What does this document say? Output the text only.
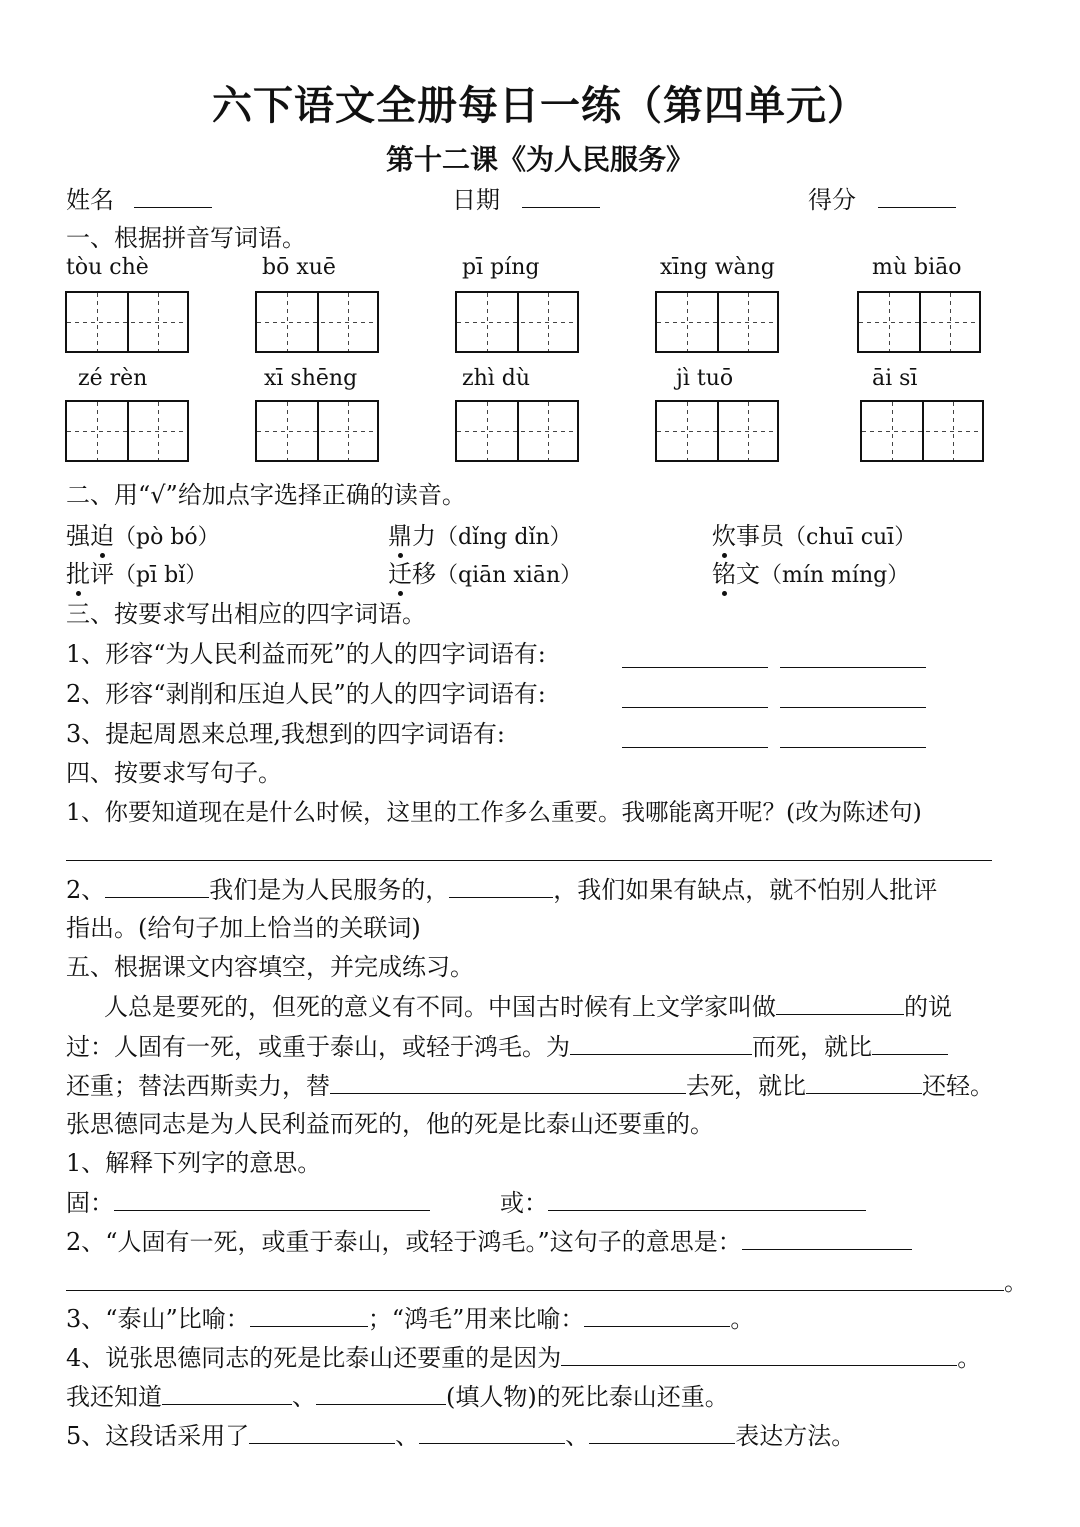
六下语文全册每日一练（第四单元）
第十二课《为人民服务》
姓名	日期	得分
一、根据拼音写词语。
tòu chè	bō xuē	pī píng	xīng wàng	mù biāo
zé rèn	xī shēng	zhì dù	jì tuō	āi sī
二、用“√”给加点字选择正确的读音。
强迫（pò bó）	鼎力（dǐng dǐn）	炊事员（chuī cuī）
批评（pī bǐ）	迁移（qiān xiān）	铭文（mín míng）
三、按要求写出相应的四字词语。
1、形容“为人民利益而死”的人的四字词语有:
2、形容“剥削和压迫人民”的人的四字词语有:
3、提起周恩来总理,我想到的四字词语有:
四、按要求写句子。
1、你要知道现在是什么时候，这里的工作多么重要。我哪能离开呢？(改为陈述句)
2、	我们是为人民服务的，	，我们如果有缺点，就不怕别人批评
指出。(给句子加上恰当的关联词)
五、根据课文内容填空，并完成练习。
人总是要死的，但死的意义有不同。中国古时候有上文学家叫做	的说
过：人固有一死，或重于泰山，或轻于鸿毛。为	而死，就比
还重；替法西斯卖力，替	去死，就比	还轻。
张思德同志是为人民利益而死的，他的死是比泰山还要重的。
1、解释下列字的意思。
固：	或：
2、“人固有一死，或重于泰山，或轻于鸿毛。”这句子的意思是：
。
3、“泰山”比喻：	；“鸿毛”用来比喻：	。
4、说张思德同志的死是比泰山还要重的是因为	。
我还知道	、	(填人物)的死比泰山还重。
5、这段话采用了	、	、	表达方法。
